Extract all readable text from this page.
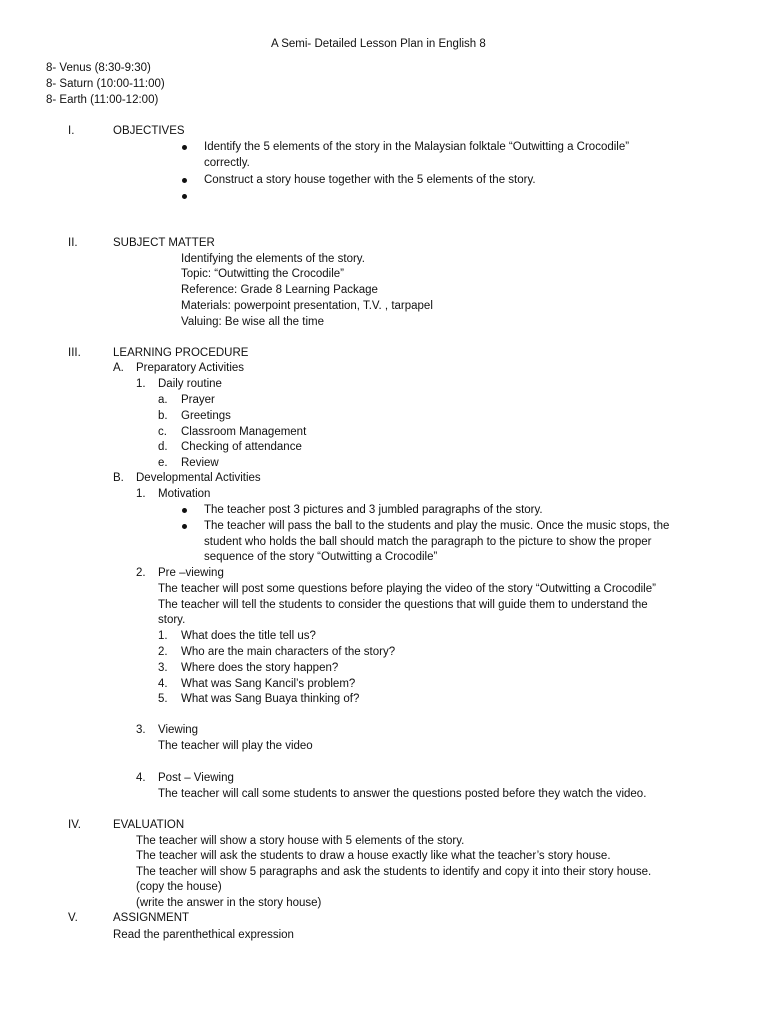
A Semi- Detailed Lesson Plan in English 8
8- Venus (8:30-9:30)
8- Saturn (10:00-11:00)
8- Earth (11:00-12:00)
I.	OBJECTIVES
Identify the 5 elements of the story in the Malaysian folktale “Outwitting a Crocodile”
correctly.
Construct a story house together with the 5 elements of the story.
II.	SUBJECT MATTER
Identifying the elements of the story.
Topic: “Outwitting the Crocodile”
Reference: Grade 8 Learning Package
Materials: powerpoint presentation, T.V. , tarpapel
Valuing: Be wise all the time
III.	LEARNING PROCEDURE
A. Preparatory Activities
1. Daily routine
a. Prayer
b. Greetings
c. Classroom Management
d. Checking of attendance
e. Review
B. Developmental Activities
1. Motivation
The teacher post 3 pictures and 3 jumbled paragraphs of the story.
The teacher will pass the ball to the students and play the music. Once the music stops, the
student who holds the ball should match the paragraph to the picture to show the proper
sequence of the story “Outwitting a Crocodile”
2. Pre –viewing
The teacher will post some questions before playing the video of the story “Outwitting a Crocodile”
The teacher will tell the students to consider the questions that will guide them to understand the
story.
1. What does the title tell us?
2. Who are the main characters of the story?
3. Where does the story happen?
4. What was Sang Kancil’s problem?
5. What was Sang Buaya thinking of?
3. Viewing
The teacher will play the video
4. Post – Viewing
The teacher will call some students to answer the questions posted before they watch the video.
IV.	EVALUATION
The teacher will show a story house with 5 elements of the story.
The teacher will ask the students to draw a house exactly like what the teacher’s story house.
The teacher will show 5 paragraphs and ask the students to identify and copy it into their story house.
(copy the house)
(write the answer in the story house)
V.	ASSIGNMENT
Read the parenthethical expression
